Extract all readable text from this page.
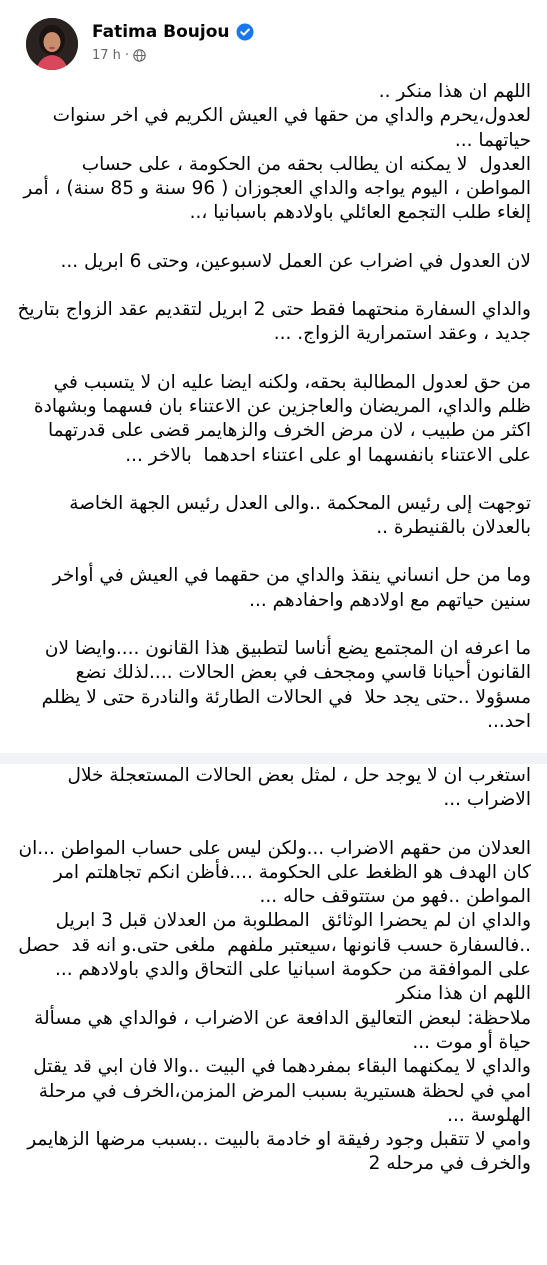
Fatima Boujou
17 h ·
اللهم ان هذا منكر ..
لعدول،يحرم والداي من حقها في العيش الكريم في اخر سنوات حياتهما ...
العدول  لا يمكنه ان يطالب بحقه من الحكومة ، على حساب المواطن ، اليوم يواجه والداي العجوزان ( 96 سنة و 85 سنة) ، أمر إلغاء طلب التجمع العائلي باولادهم باسبانيا ،..
لان العدول في اضراب عن العمل لاسبوعين، وحتى 6 ابريل ...
والداي السفارة منحتهما فقط حتى 2 ابريل لتقديم عقد الزواج بتاريخ جديد ، وعقد استمرارية الزواج. ...
من حق لعدول المطالبة بحقه، ولكنه ايضا عليه ان لا يتسبب في ظلم والداي، المريضان والعاجزين عن الاعتناء بان فسهما وبشهادة اكثر من طبيب ، لان مرض الخرف والزهايمر قضى على قدرتهما على الاعتناء بانفسهما او على اعتناء احدهما  بالاخر ...
توجهت إلى رئيس المحكمة ..والى العدل رئيس الجهة الخاصة بالعدلان بالقنيطرة ..
وما من حل انساني ينقذ والداي من حقهما في العيش في أواخر سنين حياتهم مع اولادهم واحفادهم ...
ما اعرفه ان المجتمع يضع أناسا لتطبيق هذا القانون ....وايضا لان القانون أحيانا قاسي ومجحف في بعض الحالات ....لذلك نضع مسؤولا ..حتى يجد حلا  في الحالات الطارئة والنادرة حتى لا يظلم احد...
استغرب ان لا يوجد حل ، لمثل بعض الحالات المستعجلة خلال الاضراب ...
العدلان من حقهم الاضراب ...ولكن ليس على حساب المواطن ...ان كان الهدف هو الظغط على الحكومة ....فأظن انكم تجاهلتم امر المواطن ..فهو من ستتوقف حاله ...
والداي ان لم يحضرا الوثائق  المطلوبة من العدلان قبل 3 ابريل ..فالسفارة حسب قانونها ،سيعتبر ملفهم  ملغى حتى.و انه قد  حصل على الموافقة من حكومة اسبانيا على التحاق والدي باولادهم ...
اللهم ان هذا منكر
ملاحظة: لبعض التعاليق الدافعة عن الاضراب ، فوالداي هي مسألة حياة أو موت ...
والداي لا يمكنهما البقاء بمفردهما في البيت ..والا فان ابي قد يقتل امي في لحظة هستيرية بسبب المرض المزمن،الخرف في مرحلة الهلوسة ...
وامي لا تتقبل وجود رفيقة او خادمة بالبيت ..بسبب مرضها الزهايمر والخرف في مرحله 2
